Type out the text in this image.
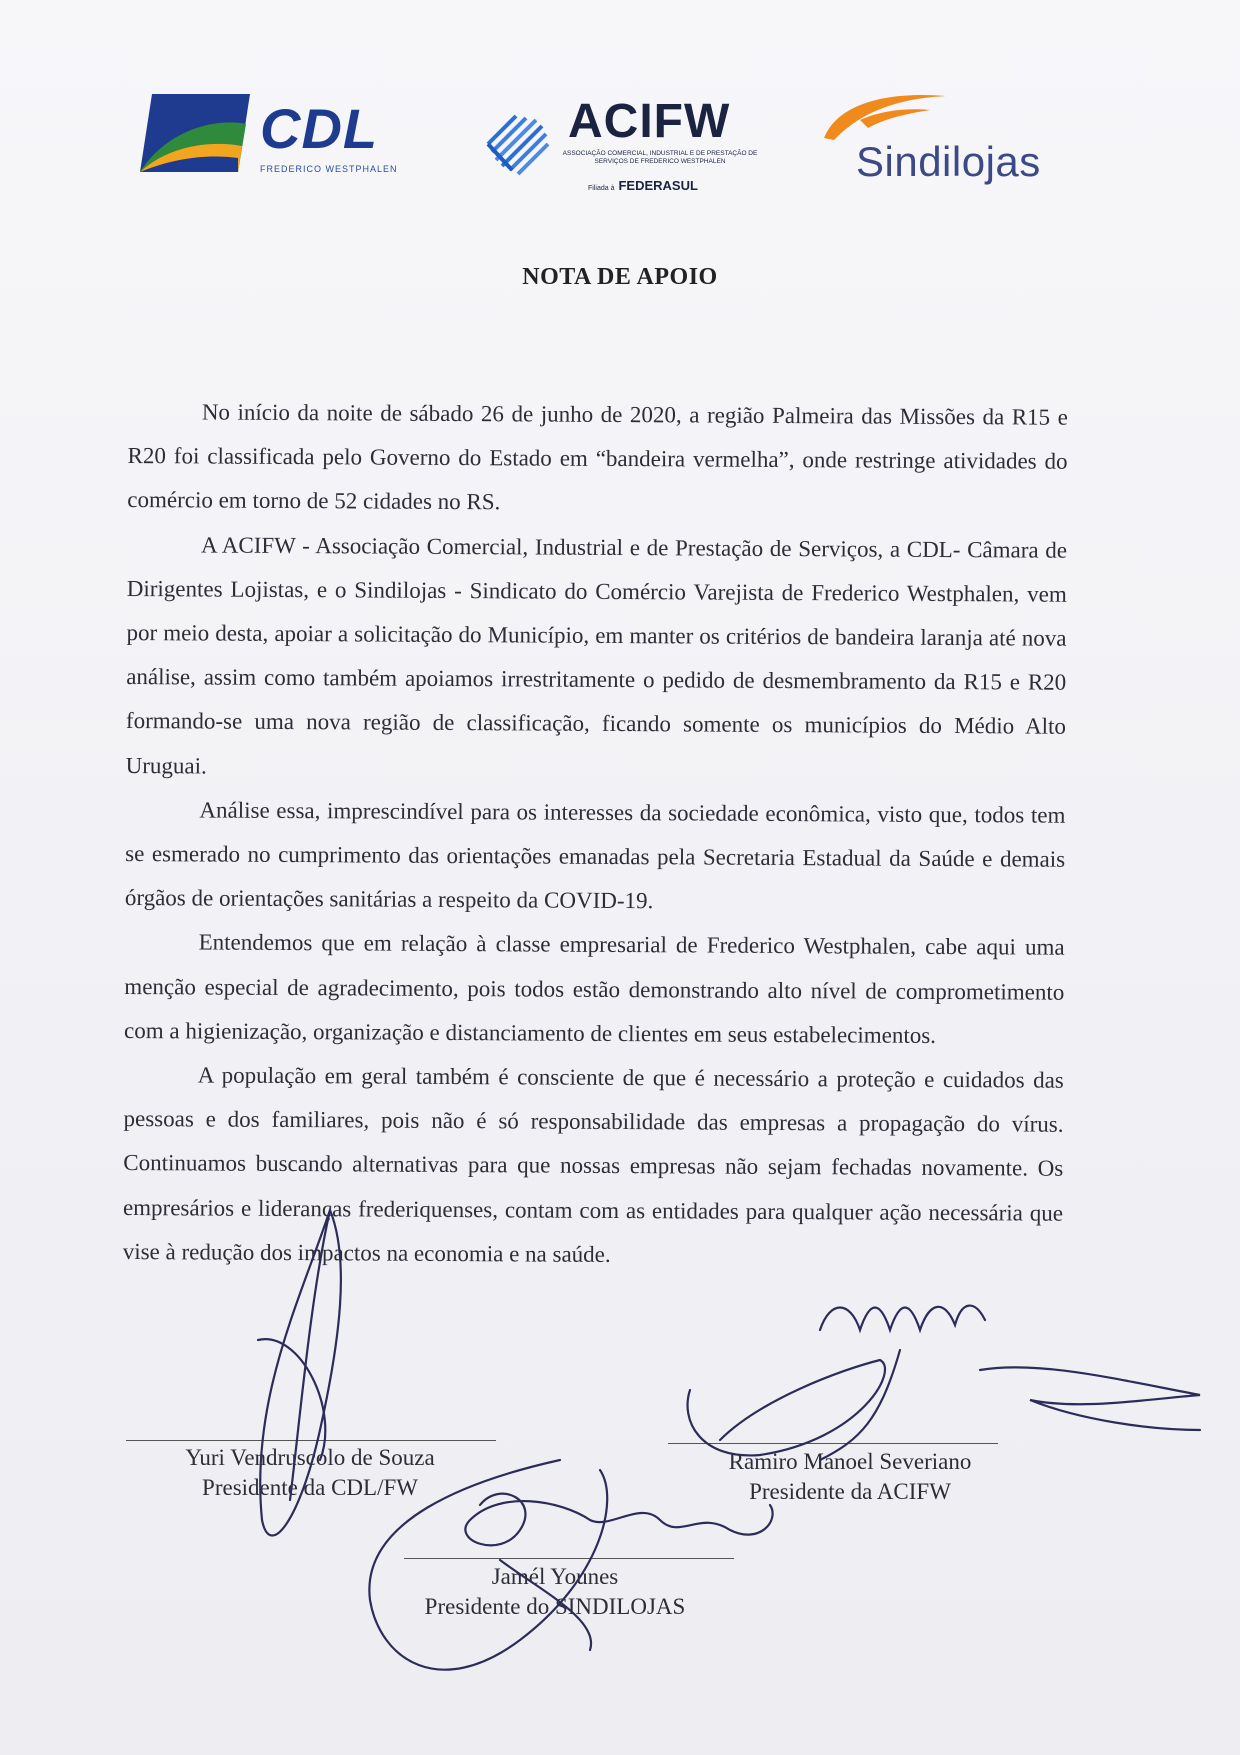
CDL
FREDERICO WESTPHALEN
ACIFW
ASSOCIAÇÃO COMERCIAL, INDUSTRIAL E DE PRESTAÇÃO DE SERVIÇOS DE FREDERICO WESTPHALEN
Filiada à FEDERASUL
Sindilojas
NOTA DE APOIO

No início da noite de sábado 26 de junho de 2020, a região Palmeira das Missões da R15 e R20 foi classificada pelo Governo do Estado em “bandeira vermelha”, onde restringe atividades do comércio em torno de 52 cidades no RS.

A ACIFW - Associação Comercial, Industrial e de Prestação de Serviços, a CDL- Câmara de Dirigentes Lojistas, e o Sindilojas - Sindicato do Comércio Varejista de Frederico Westphalen, vem por meio desta, apoiar a solicitação do Município, em manter os critérios de bandeira laranja até nova análise, assim como também apoiamos irrestritamente o pedido de desmembramento da R15 e R20 formando-se uma nova região de classificação, ficando somente os municípios do Médio Alto Uruguai.

Análise essa, imprescindível para os interesses da sociedade econômica, visto que, todos tem se esmerado no cumprimento das orientações emanadas pela Secretaria Estadual da Saúde e demais órgãos de orientações sanitárias a respeito da COVID-19.

Entendemos que em relação à classe empresarial de Frederico Westphalen, cabe aqui uma menção especial de agradecimento, pois todos estão demonstrando alto nível de comprometimento com a higienização, organização e distanciamento de clientes em seus estabelecimentos.

A população em geral também é consciente de que é necessário a proteção e cuidados das pessoas e dos familiares, pois não é só responsabilidade das empresas a propagação do vírus. Continuamos buscando alternativas para que nossas empresas não sejam fechadas novamente. Os empresários e lideranças frederiquenses, contam com as entidades para qualquer ação necessária que vise à redução dos impactos na economia e na saúde.

Yuri Vendruscolo de Souza
Presidente da CDL/FW
Ramiro Manoel Severiano
Presidente da ACIFW
Jamél Younes
Presidente do SINDILOJAS
